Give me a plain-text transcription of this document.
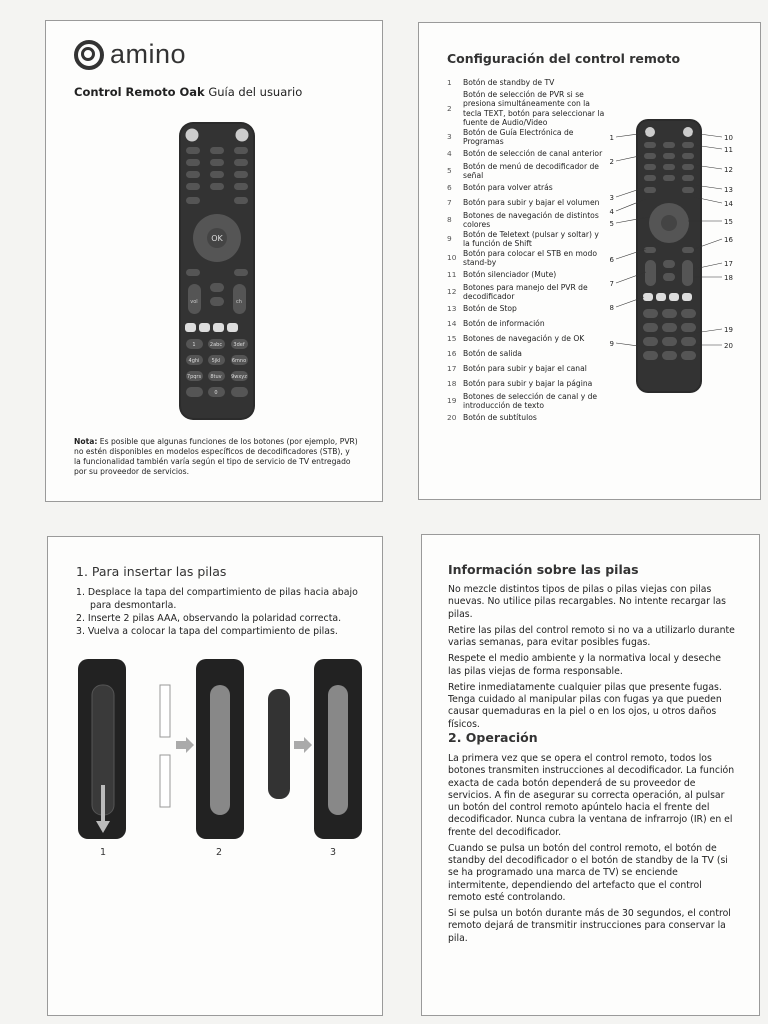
amino
Control Remoto Oak Guía del usuario
OK
vol	ch
1	2abc 3def
4ghi 5jkl 6mno
7pqrs 8tuv 9wxyz
0
Nota: Es posible que algunas funciones de los botones (por ejemplo, PVR) no estén disponibles en modelos específicos de decodificadores (STB), y la funcionalidad también varía según el tipo de servicio de TV entregado por su proveedor de servicios.
Configuración del control remoto
1	Botón de standby de TV
2
Botón de selección de PVR si se presiona simultáneamente con la tecla TEXT, botón para seleccionar la fuente de Audio/Video
3
Botón de Guía Electrónica de Programas
4	Botón de selección de canal anterior
5
Botón de menú de decodificador de señal
6	Botón para volver atrás
7	Botón para subir y bajar el volumen
8
Botones de navegación de distintos colores
9
Botón de Teletext (pulsar y soltar) y la función de Shift
10
Botón para colocar el STB en modo stand-by
11 Botón silenciador (Mute)
12
Botones para manejo del PVR de decodificador
13 Botón de Stop
14 Botón de información
15 Botones de navegación y de OK
16 Botón de salida
17 Botón para subir y bajar el canal
18 Botón para subir y bajar la página
19
Botones de selección de canal y de introducción de texto
20 Botón de subtítulos
1
2
3
4
5
6
7
8
9
10
11
12
13
14
15
16
17
18
19
20
1. Para insertar las pilas
1. Desplace la tapa del compartimiento de pilas hacia abajo para desmontarla.
2. Inserte 2 pilas AAA, observando la polaridad correcta.
3. Vuelva a colocar la tapa del compartimiento de pilas.
1	2	3
Información sobre las pilas

No mezcle distintos tipos de pilas o pilas viejas con pilas nuevas. No utilice pilas recargables. No intente recargar las pilas.

Retire las pilas del control remoto si no va a utilizarlo durante varias semanas, para evitar posibles fugas.

Respete el medio ambiente y la normativa local y deseche las pilas viejas de forma responsable.

Retire inmediatamente cualquier pilas que presente fugas. Tenga cuidado al manipular pilas con fugas ya que pueden causar quemaduras en la piel o en los ojos, u otros daños físicos.

2. Operación

La primera vez que se opera el control remoto, todos los botones transmiten instrucciones al decodificador. La función exacta de cada botón dependerá de su proveedor de servicios. A fin de asegurar su correcta operación, al pulsar un botón del control remoto apúntelo hacia el frente del decodificador. Nunca cubra la ventana de infrarrojo (IR) en el frente del decodificador.

Cuando se pulsa un botón del control remoto, el botón de standby del decodificador o el botón de standby de la TV (si se ha programado una marca de TV) se enciende intermitente, dependiendo del artefacto que el control remoto esté controlando.

Si se pulsa un botón durante más de 30 segundos, el control remoto dejará de transmitir instrucciones para conservar la pila.
